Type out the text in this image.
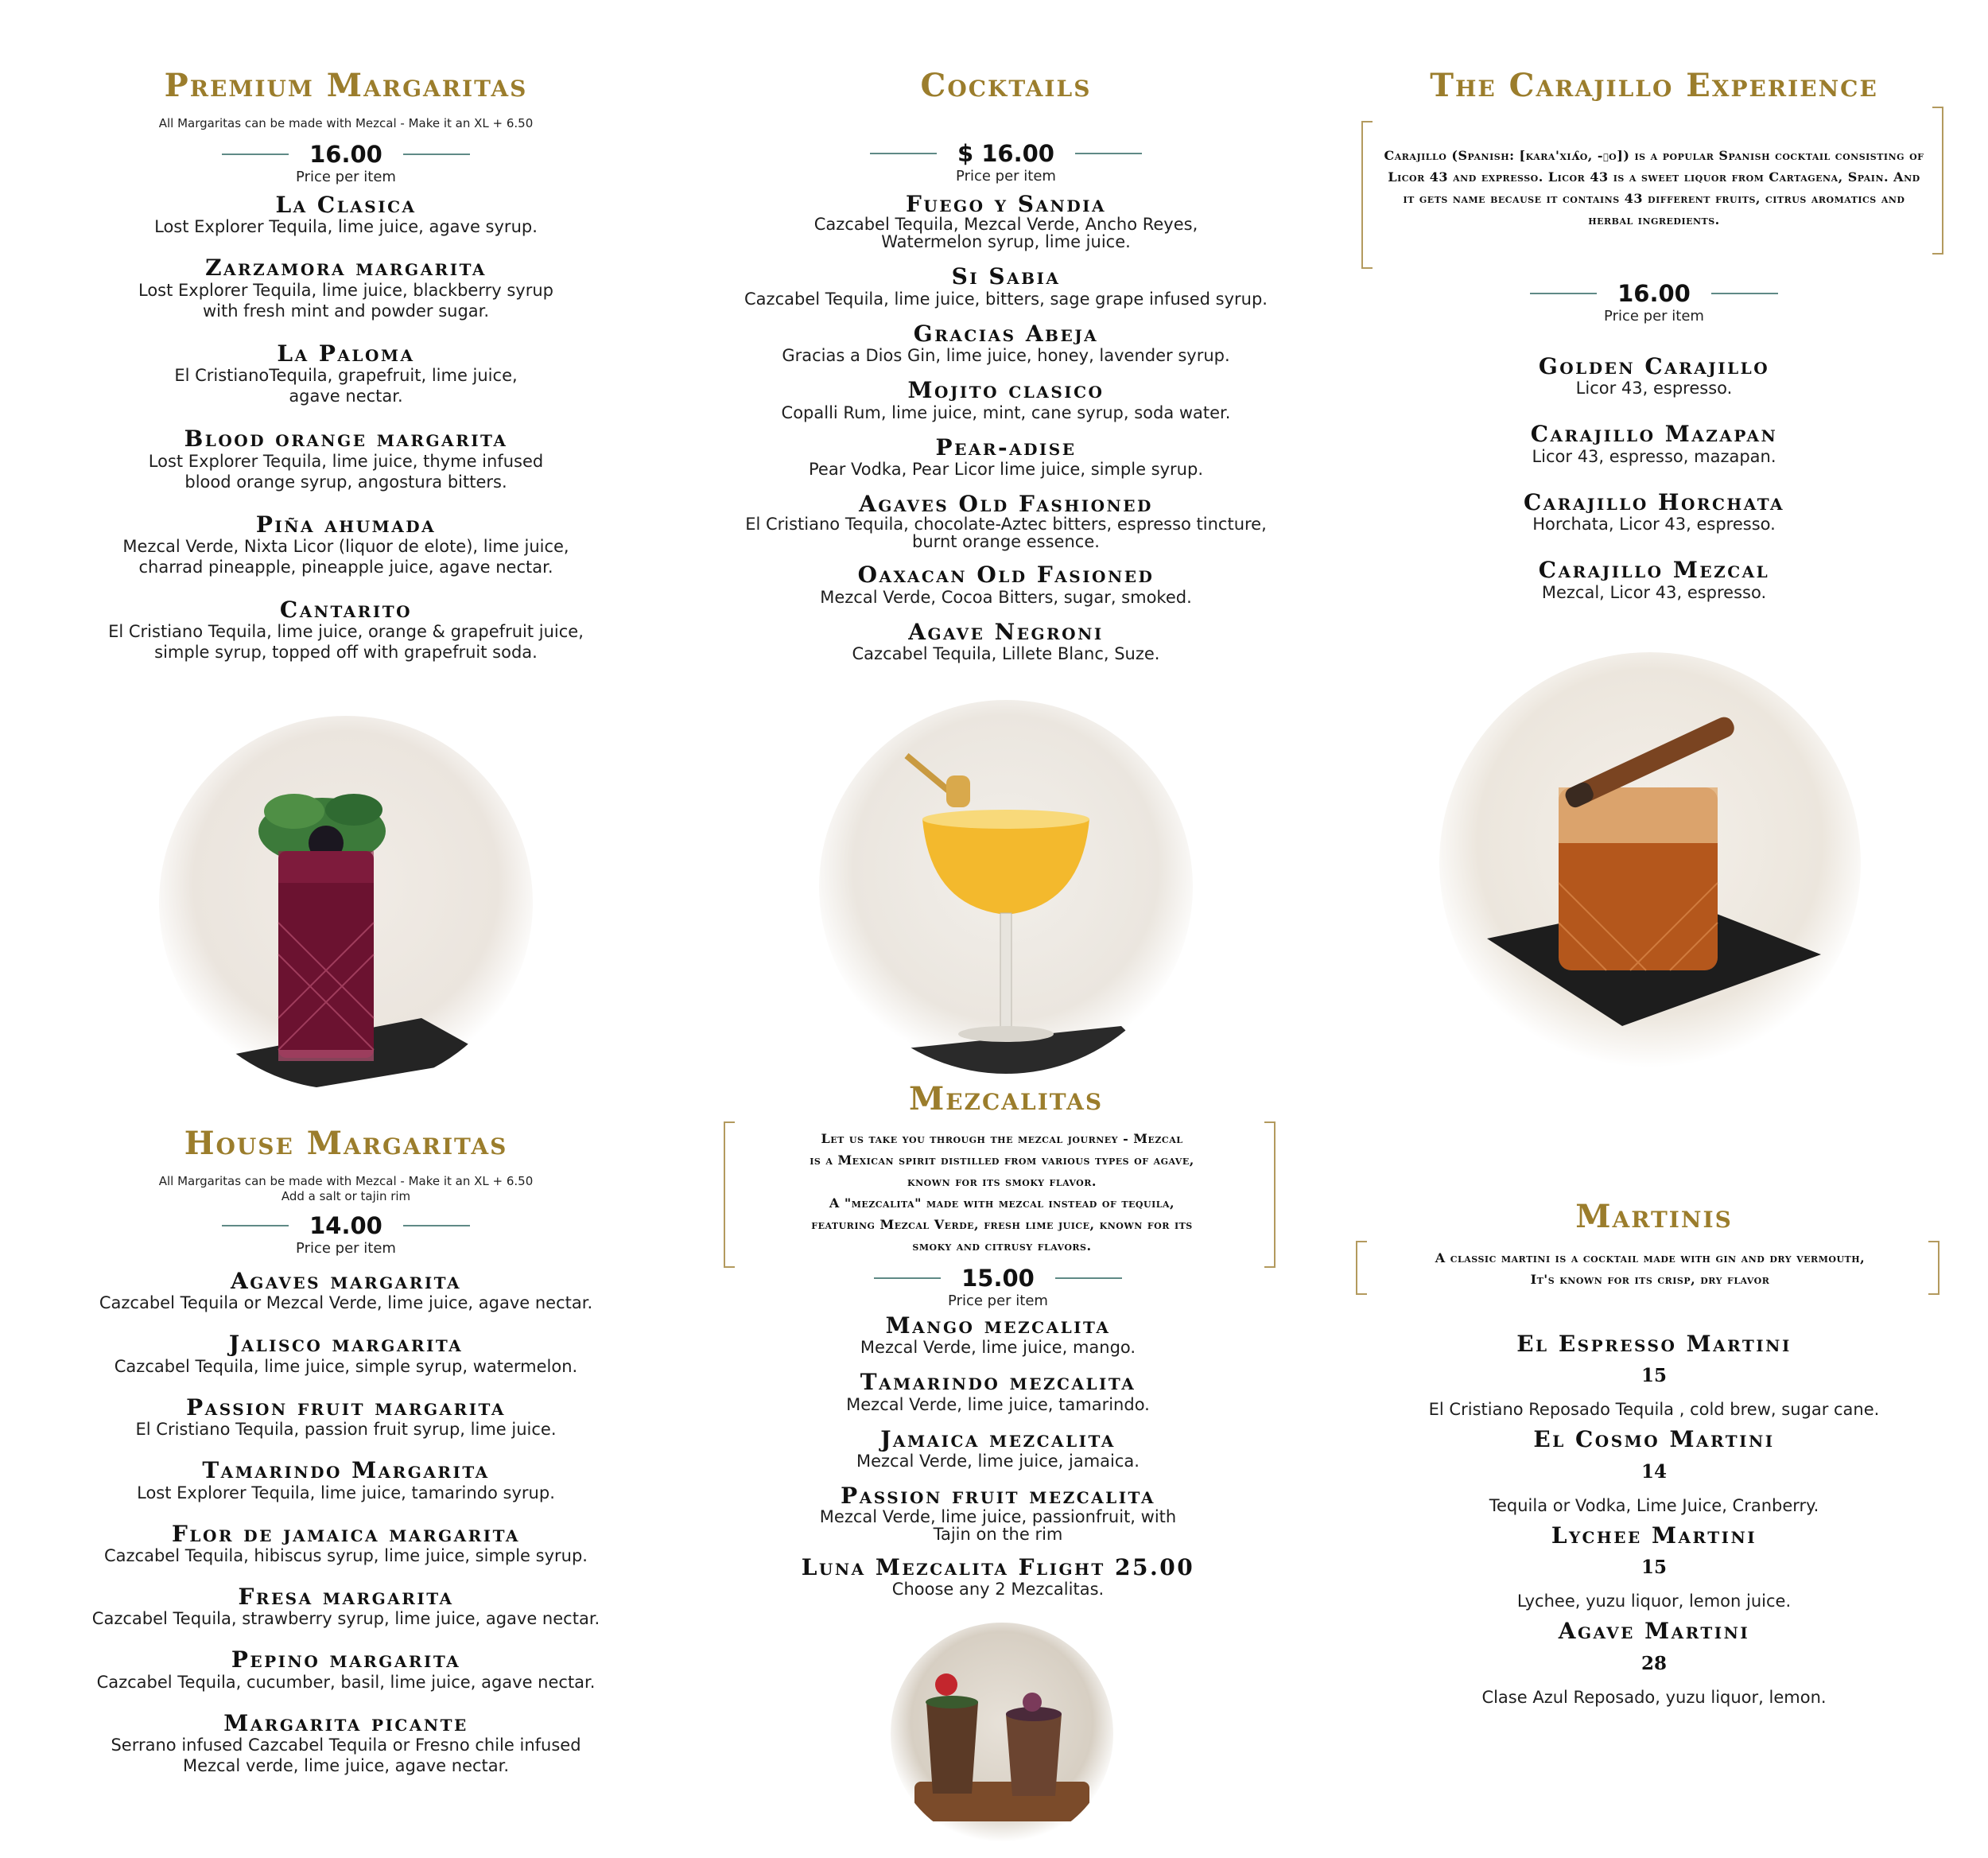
Premium Margaritas
All Margaritas can be made with Mezcal - Make it an XL + 6.50
16.00
Price per item
La Clasica
Lost Explorer Tequila, lime juice, agave syrup.
Zarzamora margarita
Lost Explorer Tequila, lime juice, blackberry syrup with fresh mint and powder sugar.
La Paloma
El CristianoTequila, grapefruit, lime juice, agave nectar.
Blood orange margarita
Lost Explorer Tequila, lime juice, thyme infused blood orange syrup, angostura bitters.
Piña ahumada
Mezcal Verde, Nixta Licor (liquor de elote), lime juice, charrad pineapple, pineapple juice, agave nectar.
Cantarito
El Cristiano Tequila, lime juice, orange & grapefruit juice, simple syrup, topped off with grapefruit soda.
Cocktails
$ 16.00
Price per item
Fuego y Sandia
Cazcabel Tequila, Mezcal Verde, Ancho Reyes, Watermelon syrup, lime juice.
Si Sabia
Cazcabel Tequila, lime juice, bitters, sage grape infused syrup.
Gracias Abeja
Gracias a Dios Gin, lime juice, honey, lavender syrup.
Mojito clasico
Copalli Rum, lime juice, mint, cane syrup, soda water.
Pear-adise
Pear Vodka, Pear Licor lime juice, simple syrup.
Agaves Old Fashioned
El Cristiano Tequila, chocolate-Aztec bitters, espresso tincture, burnt orange essence.
Oaxacan Old Fasioned
Mezcal Verde, Cocoa Bitters, sugar, smoked.
Agave Negroni
Cazcabel Tequila, Lillete Blanc, Suze.
The Carajillo Experience
Carajillo (Spanish: [kara'xiʎo, -ʝo]) is a popular Spanish cocktail consisting of Licor 43 and expresso. Licor 43 is a sweet liquor from Cartagena, Spain. And it gets name because it contains 43 different fruits, citrus aromatics and herbal ingredients.
16.00
Price per item
Golden Carajillo
Licor 43, espresso.
Carajillo Mazapan
Licor 43, espresso, mazapan.
Carajillo Horchata
Horchata, Licor 43, espresso.
Carajillo Mezcal
Mezcal, Licor 43, espresso.
House Margaritas
All Margaritas can be made with Mezcal - Make it an XL + 6.50
Add a salt or tajin rim
14.00
Price per item
Agaves margarita
Cazcabel Tequila or Mezcal Verde, lime juice, agave nectar.
Jalisco margarita
Cazcabel Tequila, lime juice, simple syrup, watermelon.
Passion fruit margarita
El Cristiano Tequila, passion fruit syrup, lime juice.
Tamarindo Margarita
Lost Explorer Tequila, lime juice, tamarindo syrup.
Flor de jamaica margarita
Cazcabel Tequila, hibiscus syrup, lime juice, simple syrup.
Fresa margarita
Cazcabel Tequila, strawberry syrup, lime juice, agave nectar.
Pepino margarita
Cazcabel Tequila, cucumber, basil, lime juice, agave nectar.
Margarita picante
Serrano infused Cazcabel Tequila or Fresno chile infused Mezcal verde, lime juice, agave nectar.
Mezcalitas
Let us take you through the mezcal journey - Mezcal
is a Mexican spirit distilled from various types of agave,
known for its smoky flavor.
A "mezcalita" made with mezcal instead of tequila,
featuring Mezcal Verde, fresh lime juice, known for its
smoky and citrusy flavors.
15.00
Price per item
Mango mezcalita
Mezcal Verde, lime juice, mango.
Tamarindo mezcalita
Mezcal Verde, lime juice, tamarindo.
Jamaica mezcalita
Mezcal Verde, lime juice, jamaica.
Passion fruit mezcalita
Mezcal Verde, lime juice, passionfruit, with Tajin on the rim
Luna Mezcalita Flight 25.00
Choose any 2 Mezcalitas.
Martinis
A classic martini is a cocktail made with gin and dry vermouth,
It's known for its crisp, dry flavor
El Espresso Martini
15
El Cristiano Reposado Tequila , cold brew, sugar cane.
El Cosmo Martini
14
Tequila or Vodka, Lime Juice, Cranberry.
Lychee Martini
15
Lychee, yuzu liquor, lemon juice.
Agave Martini
28
Clase Azul Reposado, yuzu liquor, lemon.
